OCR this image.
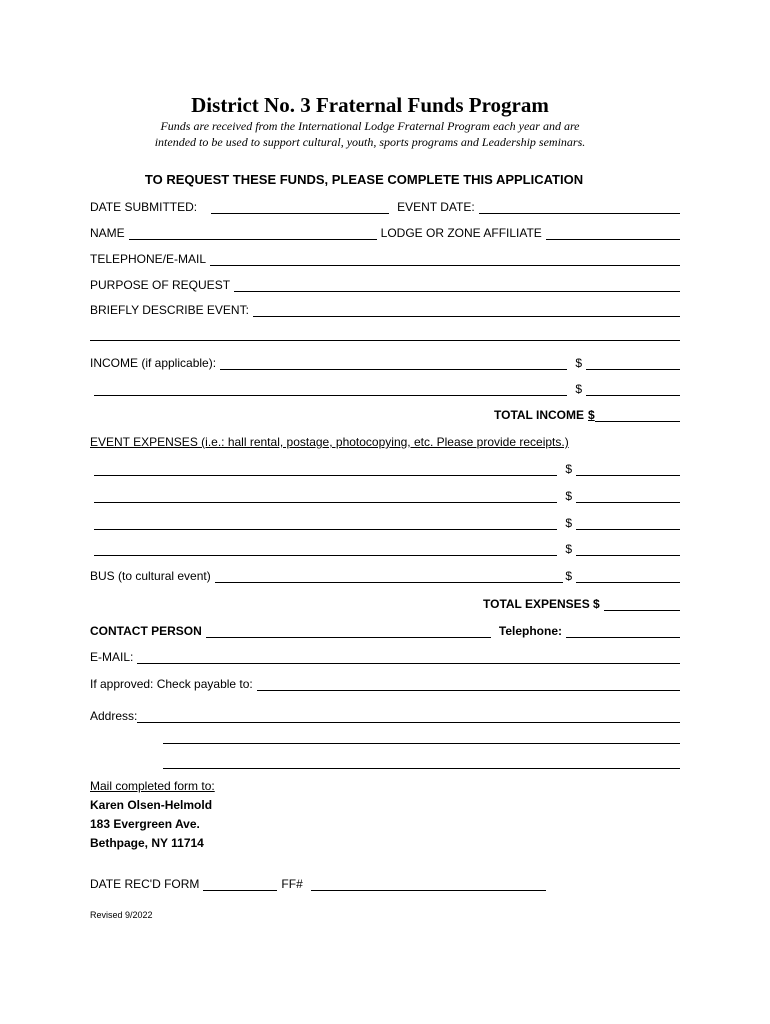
District No. 3 Fraternal Funds Program
Funds are received from the International Lodge Fraternal Program each year and are
intended to be used to support cultural, youth, sports programs and Leadership seminars.
TO REQUEST THESE FUNDS, PLEASE COMPLETE THIS APPLICATION
DATE SUBMITTED:	EVENT DATE:
NAME	LODGE OR ZONE AFFILIATE
TELEPHONE/E-MAIL
PURPOSE OF REQUEST
BRIEFLY DESCRIBE EVENT:
INCOME (if applicable):	$
$
TOTAL INCOME $
EVENT EXPENSES (i.e.: hall rental, postage, photocopying, etc. Please provide receipts.)
$
$
$
$
BUS (to cultural event)	$
TOTAL EXPENSES $
CONTACT PERSON	Telephone:
E-MAIL:
If approved: Check payable to:
Address:
Mail completed form to:
Karen Olsen-Helmold
183 Evergreen Ave.
Bethpage, NY 11714
DATE REC'D FORM	FF#
Revised 9/2022
